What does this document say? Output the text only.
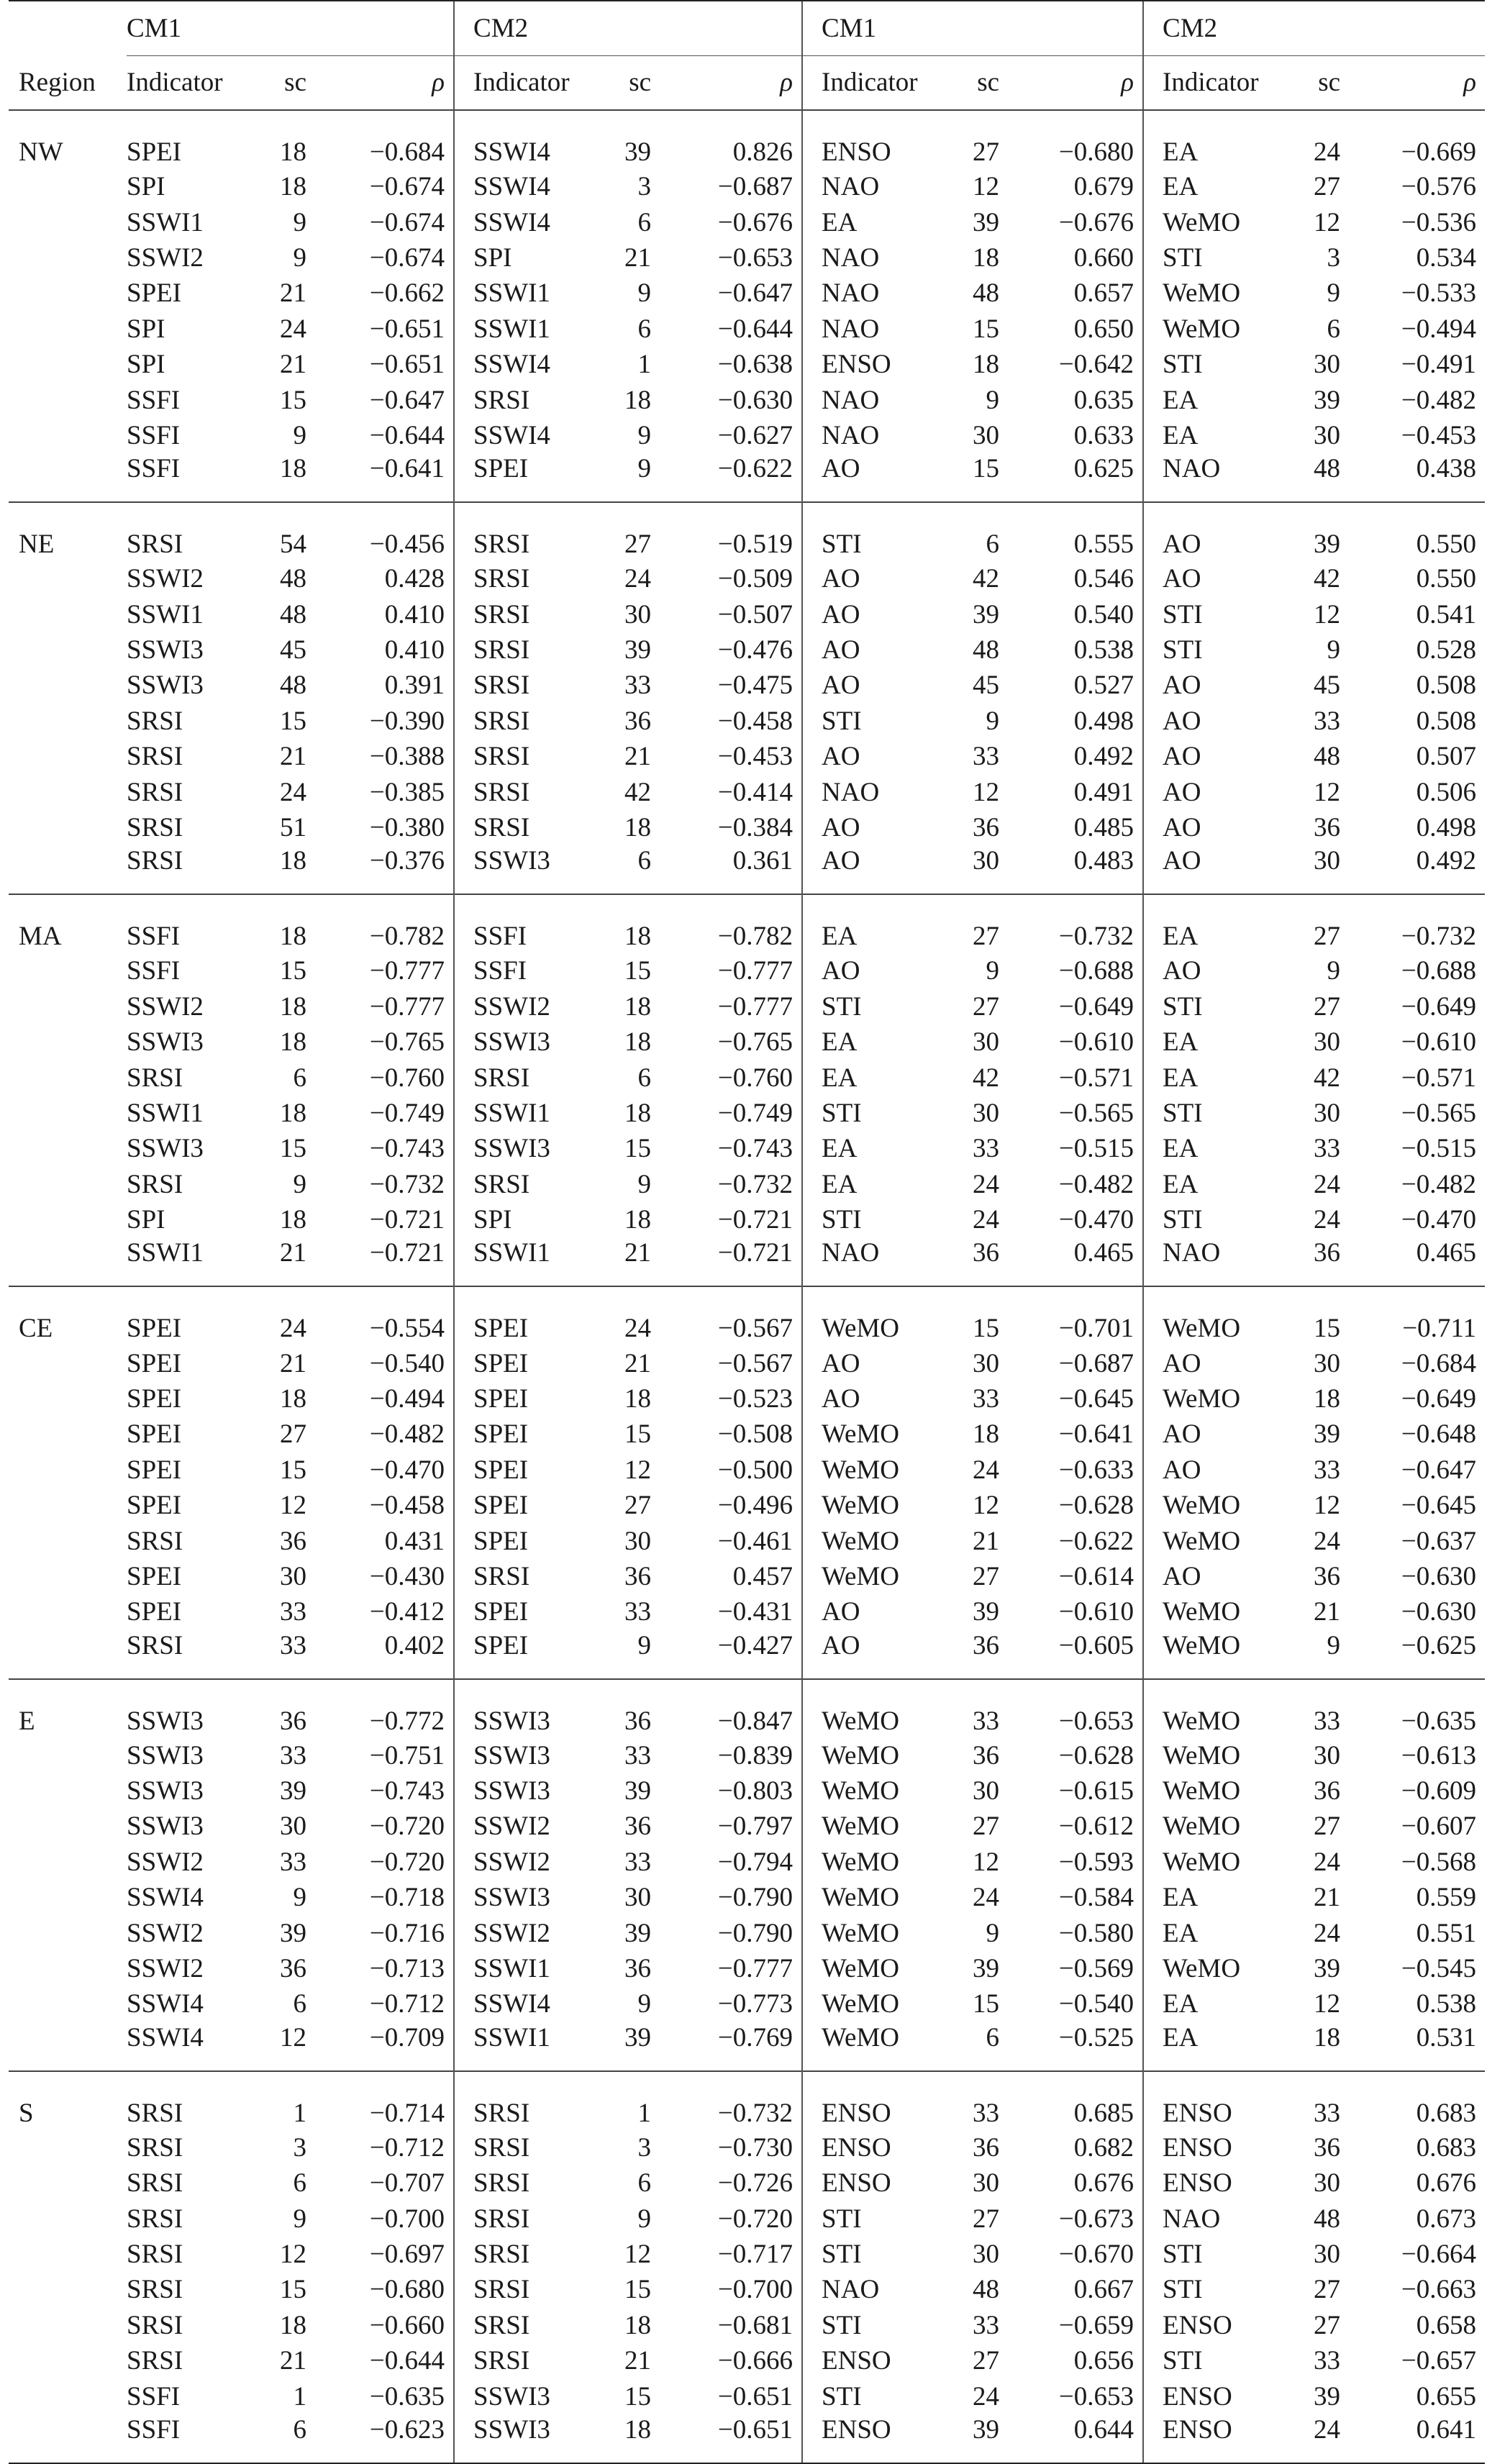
	CM1			CM2			CM1			CM2		
Region	Indicator	sc	ρ	Indicator	sc	ρ	Indicator	sc	ρ	Indicator	sc	ρ
NW	SPEI	18	−0.684	SSWI4	39	0.826	ENSO	27	−0.680	EA	24	−0.669
	SPI	18	−0.674	SSWI4	3	−0.687	NAO	12	0.679	EA	27	−0.576
	SSWI1	9	−0.674	SSWI4	6	−0.676	EA	39	−0.676	WeMO	12	−0.536
	SSWI2	9	−0.674	SPI	21	−0.653	NAO	18	0.660	STI	3	0.534
	SPEI	21	−0.662	SSWI1	9	−0.647	NAO	48	0.657	WeMO	9	−0.533
	SPI	24	−0.651	SSWI1	6	−0.644	NAO	15	0.650	WeMO	6	−0.494
	SPI	21	−0.651	SSWI4	1	−0.638	ENSO	18	−0.642	STI	30	−0.491
	SSFI	15	−0.647	SRSI	18	−0.630	NAO	9	0.635	EA	39	−0.482
	SSFI	9	−0.644	SSWI4	9	−0.627	NAO	30	0.633	EA	30	−0.453
	SSFI	18	−0.641	SPEI	9	−0.622	AO	15	0.625	NAO	48	0.438
NE	SRSI	54	−0.456	SRSI	27	−0.519	STI	6	0.555	AO	39	0.550
	SSWI2	48	0.428	SRSI	24	−0.509	AO	42	0.546	AO	42	0.550
	SSWI1	48	0.410	SRSI	30	−0.507	AO	39	0.540	STI	12	0.541
	SSWI3	45	0.410	SRSI	39	−0.476	AO	48	0.538	STI	9	0.528
	SSWI3	48	0.391	SRSI	33	−0.475	AO	45	0.527	AO	45	0.508
	SRSI	15	−0.390	SRSI	36	−0.458	STI	9	0.498	AO	33	0.508
	SRSI	21	−0.388	SRSI	21	−0.453	AO	33	0.492	AO	48	0.507
	SRSI	24	−0.385	SRSI	42	−0.414	NAO	12	0.491	AO	12	0.506
	SRSI	51	−0.380	SRSI	18	−0.384	AO	36	0.485	AO	36	0.498
	SRSI	18	−0.376	SSWI3	6	0.361	AO	30	0.483	AO	30	0.492
MA	SSFI	18	−0.782	SSFI	18	−0.782	EA	27	−0.732	EA	27	−0.732
	SSFI	15	−0.777	SSFI	15	−0.777	AO	9	−0.688	AO	9	−0.688
	SSWI2	18	−0.777	SSWI2	18	−0.777	STI	27	−0.649	STI	27	−0.649
	SSWI3	18	−0.765	SSWI3	18	−0.765	EA	30	−0.610	EA	30	−0.610
	SRSI	6	−0.760	SRSI	6	−0.760	EA	42	−0.571	EA	42	−0.571
	SSWI1	18	−0.749	SSWI1	18	−0.749	STI	30	−0.565	STI	30	−0.565
	SSWI3	15	−0.743	SSWI3	15	−0.743	EA	33	−0.515	EA	33	−0.515
	SRSI	9	−0.732	SRSI	9	−0.732	EA	24	−0.482	EA	24	−0.482
	SPI	18	−0.721	SPI	18	−0.721	STI	24	−0.470	STI	24	−0.470
	SSWI1	21	−0.721	SSWI1	21	−0.721	NAO	36	0.465	NAO	36	0.465
CE	SPEI	24	−0.554	SPEI	24	−0.567	WeMO	15	−0.701	WeMO	15	−0.711
	SPEI	21	−0.540	SPEI	21	−0.567	AO	30	−0.687	AO	30	−0.684
	SPEI	18	−0.494	SPEI	18	−0.523	AO	33	−0.645	WeMO	18	−0.649
	SPEI	27	−0.482	SPEI	15	−0.508	WeMO	18	−0.641	AO	39	−0.648
	SPEI	15	−0.470	SPEI	12	−0.500	WeMO	24	−0.633	AO	33	−0.647
	SPEI	12	−0.458	SPEI	27	−0.496	WeMO	12	−0.628	WeMO	12	−0.645
	SRSI	36	0.431	SPEI	30	−0.461	WeMO	21	−0.622	WeMO	24	−0.637
	SPEI	30	−0.430	SRSI	36	0.457	WeMO	27	−0.614	AO	36	−0.630
	SPEI	33	−0.412	SPEI	33	−0.431	AO	39	−0.610	WeMO	21	−0.630
	SRSI	33	0.402	SPEI	9	−0.427	AO	36	−0.605	WeMO	9	−0.625
E	SSWI3	36	−0.772	SSWI3	36	−0.847	WeMO	33	−0.653	WeMO	33	−0.635
	SSWI3	33	−0.751	SSWI3	33	−0.839	WeMO	36	−0.628	WeMO	30	−0.613
	SSWI3	39	−0.743	SSWI3	39	−0.803	WeMO	30	−0.615	WeMO	36	−0.609
	SSWI3	30	−0.720	SSWI2	36	−0.797	WeMO	27	−0.612	WeMO	27	−0.607
	SSWI2	33	−0.720	SSWI2	33	−0.794	WeMO	12	−0.593	WeMO	24	−0.568
	SSWI4	9	−0.718	SSWI3	30	−0.790	WeMO	24	−0.584	EA	21	0.559
	SSWI2	39	−0.716	SSWI2	39	−0.790	WeMO	9	−0.580	EA	24	0.551
	SSWI2	36	−0.713	SSWI1	36	−0.777	WeMO	39	−0.569	WeMO	39	−0.545
	SSWI4	6	−0.712	SSWI4	9	−0.773	WeMO	15	−0.540	EA	12	0.538
	SSWI4	12	−0.709	SSWI1	39	−0.769	WeMO	6	−0.525	EA	18	0.531
S	SRSI	1	−0.714	SRSI	1	−0.732	ENSO	33	0.685	ENSO	33	0.683
	SRSI	3	−0.712	SRSI	3	−0.730	ENSO	36	0.682	ENSO	36	0.683
	SRSI	6	−0.707	SRSI	6	−0.726	ENSO	30	0.676	ENSO	30	0.676
	SRSI	9	−0.700	SRSI	9	−0.720	STI	27	−0.673	NAO	48	0.673
	SRSI	12	−0.697	SRSI	12	−0.717	STI	30	−0.670	STI	30	−0.664
	SRSI	15	−0.680	SRSI	15	−0.700	NAO	48	0.667	STI	27	−0.663
	SRSI	18	−0.660	SRSI	18	−0.681	STI	33	−0.659	ENSO	27	0.658
	SRSI	21	−0.644	SRSI	21	−0.666	ENSO	27	0.656	STI	33	−0.657
	SSFI	1	−0.635	SSWI3	15	−0.651	STI	24	−0.653	ENSO	39	0.655
	SSFI	6	−0.623	SSWI3	18	−0.651	ENSO	39	0.644	ENSO	24	0.641
